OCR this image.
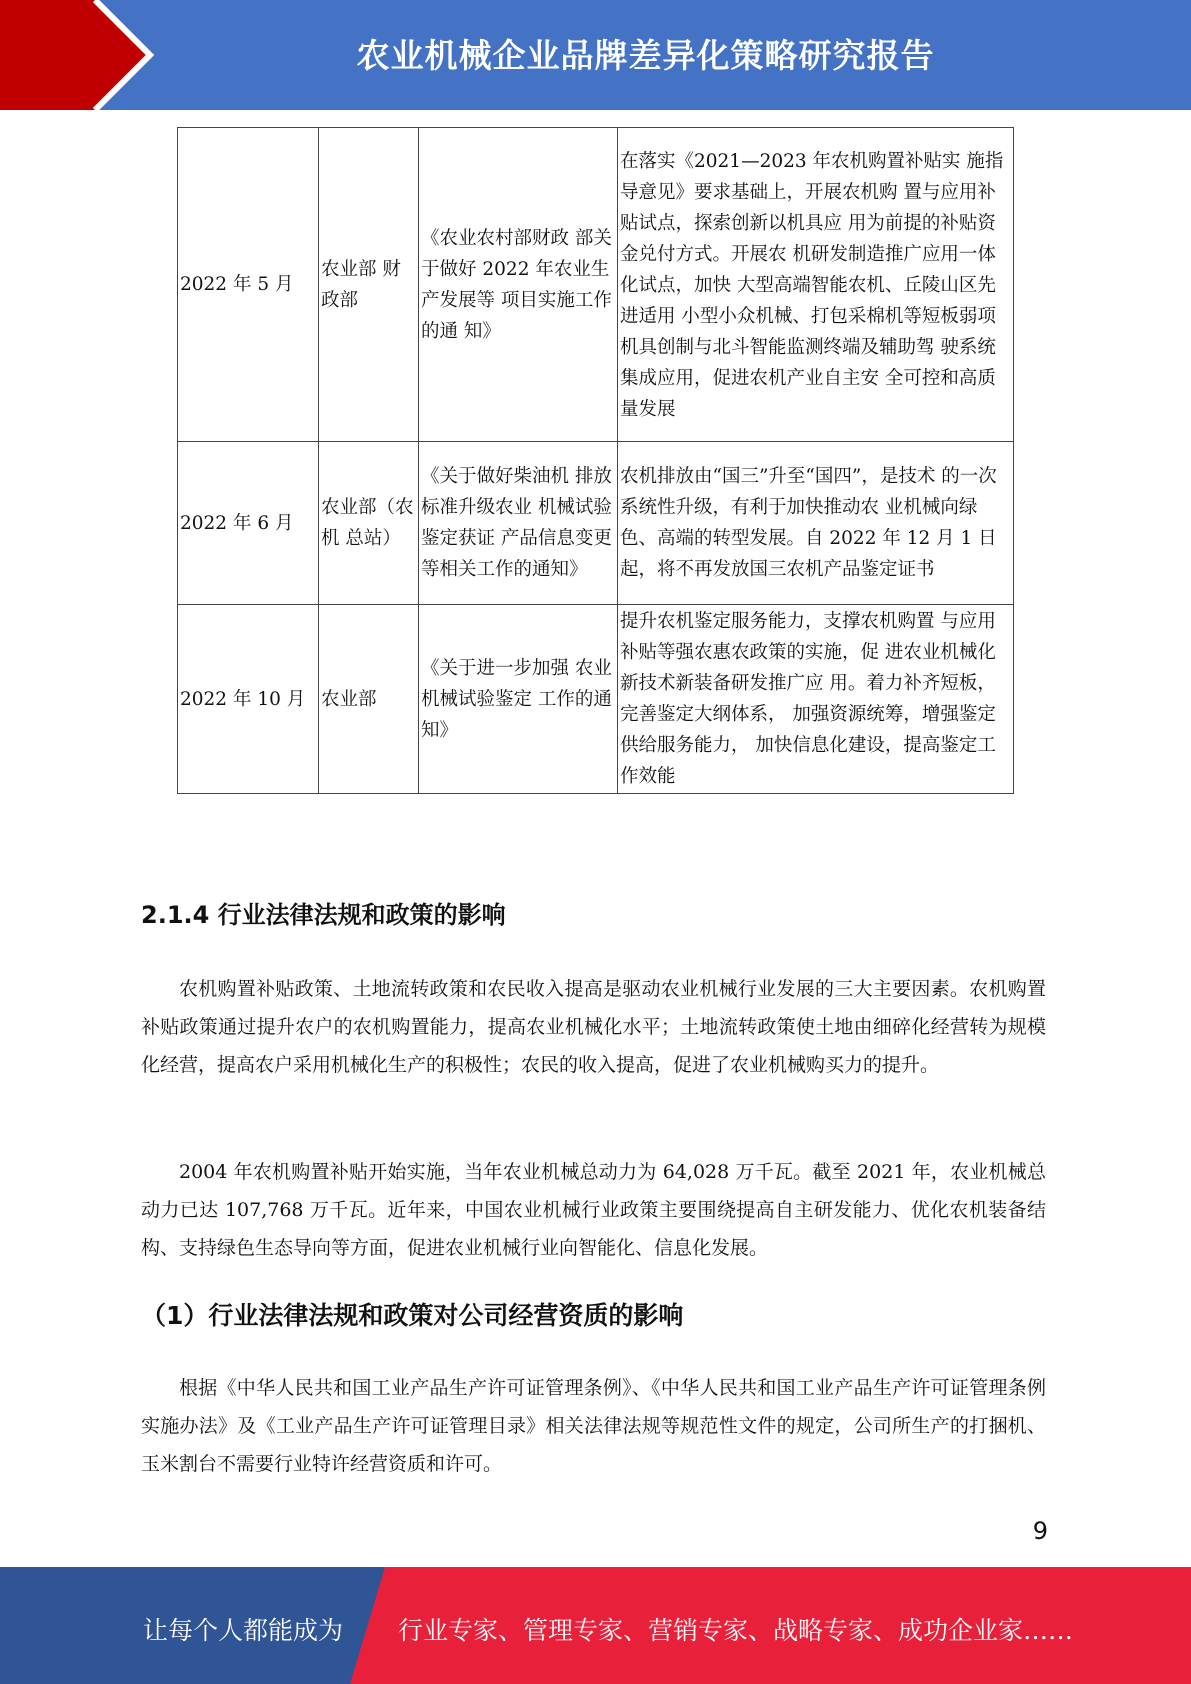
农业机械企业品牌差异化策略研究报告
2022 年 5 月	农业部 财政部	《农业农村部财政 部关于做好 2022 年农业生产发展等 项目实施工作的通 知》	在落实《2021—2023 年农机购置补贴实 施指导意见》要求基础上，开展农机购 置与应用补贴试点，探索创新以机具应 用为前提的补贴资金兑付方式。开展农 机研发制造推广应用一体化试点，加快 大型高端智能农机、丘陵山区先进适用 小型小众机械、打包采棉机等短板弱项 机具创制与北斗智能监测终端及辅助驾 驶系统集成应用，促进农机产业自主安 全可控和高质量发展
2022 年 6 月	农业部（农机 总站）	《关于做好柴油机 排放标准升级农业 机械试验鉴定获证 产品信息变更等相关工作的通知》	农机排放由“国三”升至“国四”，是技术 的一次系统性升级，有利于加快推动农 业机械向绿色、高端的转型发展。自 2022 年 12 月 1 日起，将不再发放国三农机产品鉴定证书
2022 年 10 月	农业部	《关于进一步加强 农业机械试验鉴定 工作的通知》	提升农机鉴定服务能力，支撑农机购置 与应用补贴等强农惠农政策的实施，促 进农业机械化新技术新装备研发推广应 用。着力补齐短板，完善鉴定大纲体系， 加强资源统筹，增强鉴定供给服务能力， 加快信息化建设，提高鉴定工作效能
2.1.4 行业法律法规和政策的影响
农机购置补贴政策、土地流转政策和农民收入提高是驱动农业机械行业发展的三大主要因素。农机购置补贴政策通过提升农户的农机购置能力，提高农业机械化水平；土地流转政策使土地由细碎化经营转为规模化经营，提高农户采用机械化生产的积极性；农民的收入提高，促进了农业机械购买力的提升。
2004 年农机购置补贴开始实施，当年农业机械总动力为 64,028 万千瓦。截至 2021 年，农业机械总动力已达 107,768 万千瓦。近年来，中国农业机械行业政策主要围绕提高自主研发能力、优化农机装备结构、支持绿色生态导向等方面，促进农业机械行业向智能化、信息化发展。
（1）行业法律法规和政策对公司经营资质的影响
根据《中华人民共和国工业产品生产许可证管理条例》、《中华人民共和国工业产品生产许可证管理条例实施办法》及《工业产品生产许可证管理目录》相关法律法规等规范性文件的规定，公司所生产的打捆机、玉米割台不需要行业特许经营资质和许可。
9
让每个人都能成为 行业专家、管理专家、营销专家、战略专家、成功企业家……
